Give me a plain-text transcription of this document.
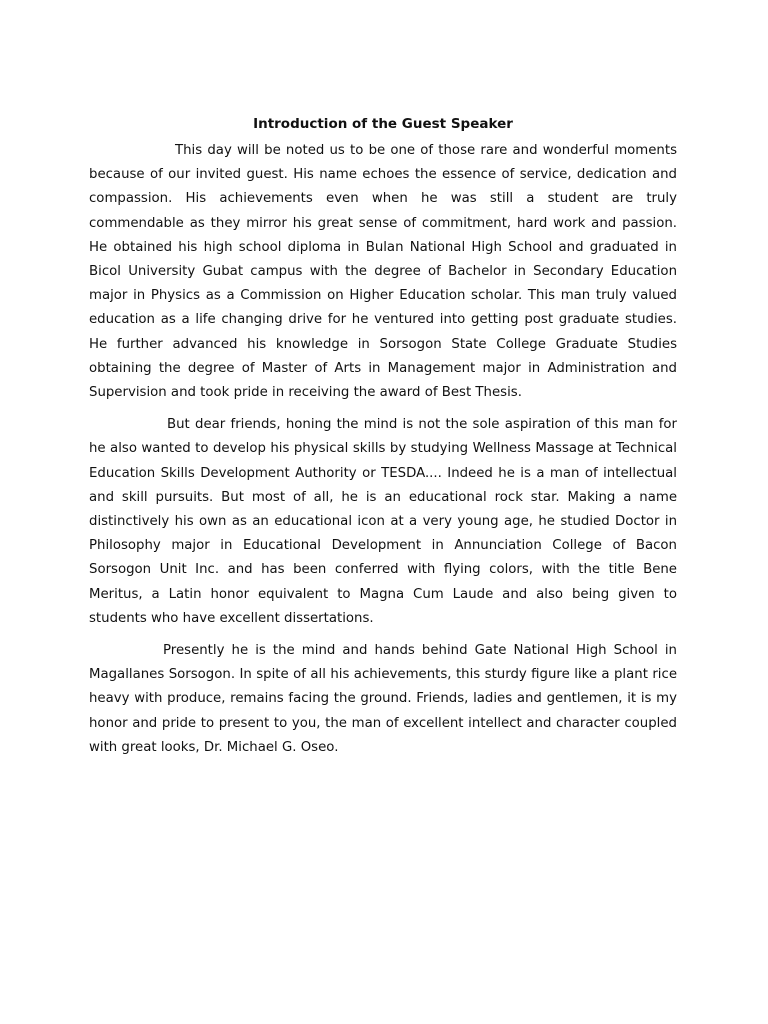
Introduction of the Guest Speaker

This day will be noted us to be one of those rare and wonderful moments because of our invited guest. His name echoes the essence of service, dedication and compassion. His achievements even when he was still a student are truly commendable as they mirror his great sense of commitment, hard work and passion. He obtained his high school diploma in Bulan National High School and graduated in Bicol University Gubat campus with the degree of Bachelor in Secondary Education major in Physics as a Commission on Higher Education scholar. This man truly valued education as a life changing drive for he ventured into getting post graduate studies. He further advanced his knowledge in Sorsogon State College Graduate Studies obtaining the degree of Master of Arts in Management major in Administration and Supervision and took pride in receiving the award of Best Thesis.

But dear friends, honing the mind is not the sole aspiration of this man for he also wanted to develop his physical skills by studying Wellness Massage at Technical Education Skills Development Authority or TESDA.... Indeed he is a man of intellectual and skill pursuits. But most of all, he is an educational rock star. Making a name distinctively his own as an educational icon at a very young age, he studied Doctor in Philosophy major in Educational Development in Annunciation College of Bacon Sorsogon Unit Inc. and has been conferred with flying colors, with the title Bene Meritus, a Latin honor equivalent to Magna Cum Laude and also being given to students who have excellent dissertations.

Presently he is the mind and hands behind Gate National High School in Magallanes Sorsogon. In spite of all his achievements, this sturdy figure like a plant rice heavy with produce, remains facing the ground. Friends, ladies and gentlemen, it is my honor and pride to present to you, the man of excellent intellect and character coupled with great looks, Dr. Michael G. Oseo.
